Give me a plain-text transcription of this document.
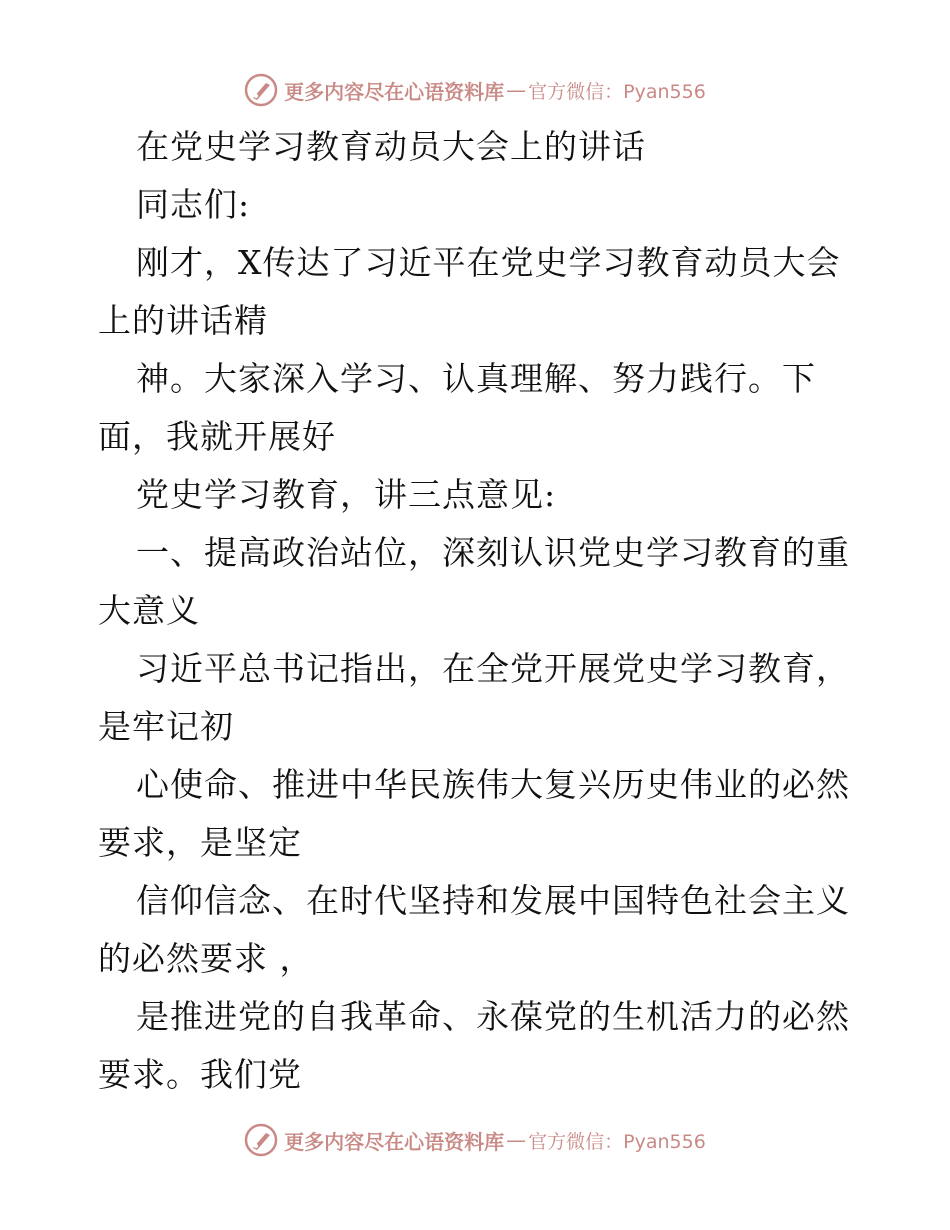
更多内容尽在心语资料库 — 官方微信：Pyan556
在党史学习教育动员大会上的讲话
同志们:
刚才，X传达了习近平在党史学习教育动员大会
上的讲话精
神。大家深入学习、认真理解、努力践行。下
面，我就开展好
党史学习教育，讲三点意见:
一、提高政治站位，深刻认识党史学习教育的重
大意义
习近平总书记指出，在全党开展党史学习教育，
是牢记初
心使命、推进中华民族伟大复兴历史伟业的必然
要求，是坚定
信仰信念、在时代坚持和发展中国特色社会主义
的必然要求 ，
是推进党的自我革命、永葆党的生机活力的必然
要求。我们党
更多内容尽在心语资料库 — 官方微信：Pyan556
